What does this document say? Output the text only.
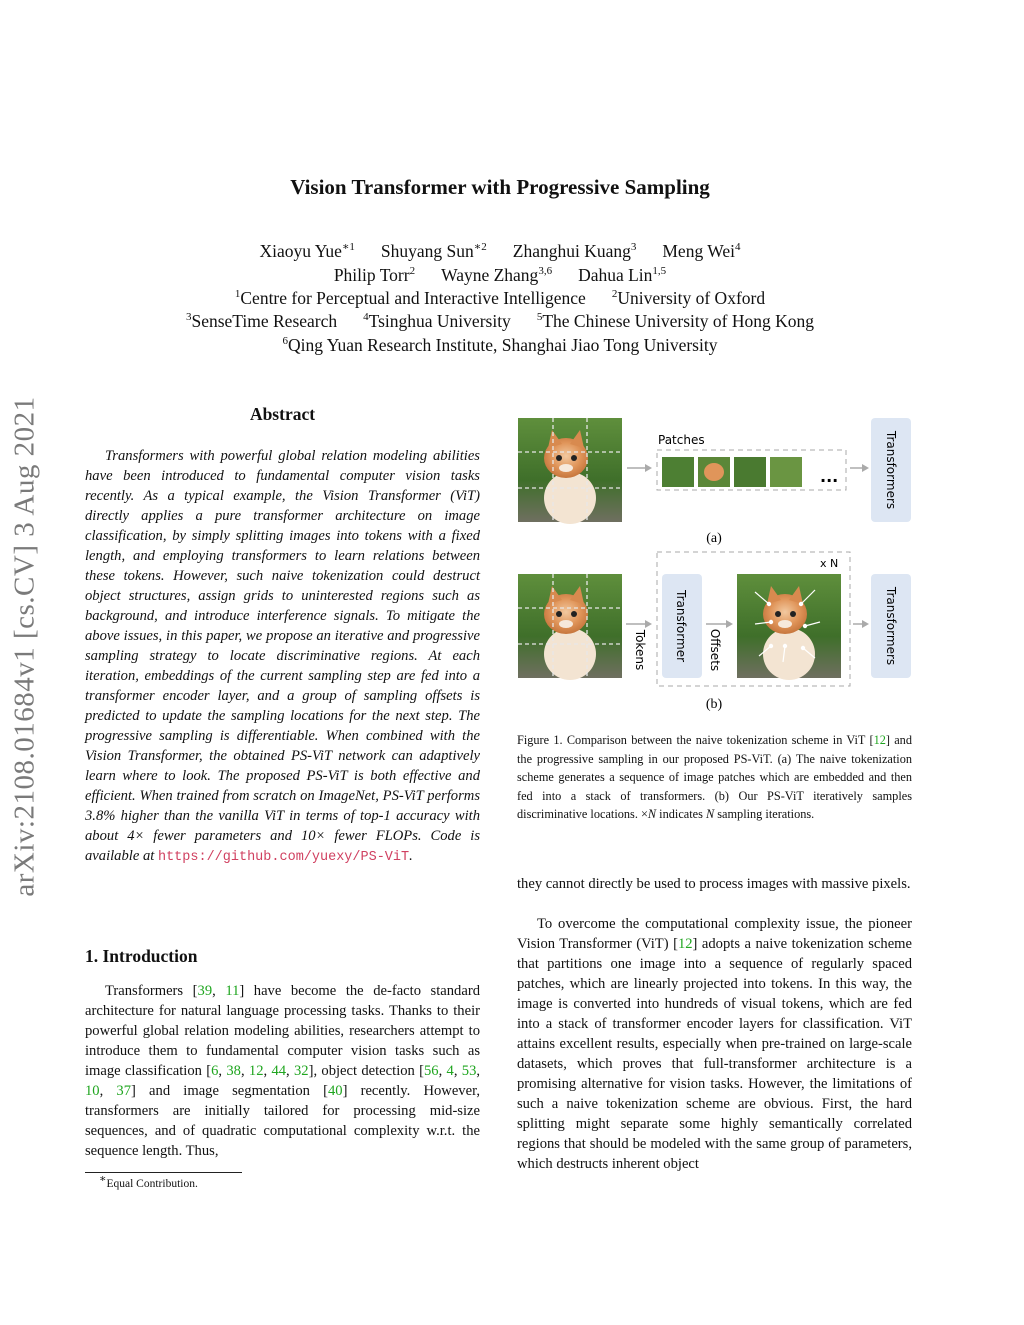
arXiv:2108.01684v1 [cs.CV] 3 Aug 2021
Vision Transformer with Progressive Sampling
Xiaoyu Yue$^{∗1}$ Shuyang Sun$^{∗2}$ Zhanghui Kuang$^3$ Meng Wei$^4$
Philip Torr$^2$ Wayne Zhang$^{3,6}$ Dahua Lin$^{1,5}$
$^1$Centre for Perceptual and Interactive Intelligence $^2$University of Oxford
$^3$SenseTime Research $^4$Tsinghua University $^5$The Chinese University of Hong Kong
$^6$Qing Yuan Research Institute, Shanghai Jiao Tong University
Abstract
Transformers with powerful global relation modeling abilities have been introduced to fundamental computer vision tasks recently. As a typical example, the Vision Transformer (ViT) directly applies a pure transformer architecture on image classification, by simply splitting images into tokens with a fixed length, and employing transformers to learn relations between these tokens. However, such naive tokenization could destruct object structures, assign grids to uninterested regions such as background, and introduce interference signals. To mitigate the above issues, in this paper, we propose an iterative and progressive sampling strategy to locate discriminative regions. At each iteration, embeddings of the current sampling step are fed into a transformer encoder layer, and a group of sampling offsets is predicted to update the sampling locations for the next step. The progressive sampling is differentiable. When combined with the Vision Transformer, the obtained PS-ViT network can adaptively learn where to look. The proposed PS-ViT is both effective and efficient. When trained from scratch on ImageNet, PS-ViT performs 3.8% higher than the vanilla ViT in terms of top-1 accuracy with about 4× fewer parameters and 10× fewer FLOPs. Code is available at https://github.com/yuexy/PS-ViT.
1. Introduction
Transformers [39, 11] have become the de-facto standard architecture for natural language processing tasks. Thanks to their powerful global relation modeling abilities, researchers attempt to introduce them to fundamental computer vision tasks such as image classification [6, 38, 12, 44, 32], object detection [56, 4, 53, 10, 37] and image segmentation [40] recently. However, transformers are initially tailored for processing mid-size sequences, and of quadratic computational complexity w.r.t. the sequence length. Thus,
∗Equal Contribution.
Patches
...	Transformers
(a)
x N
Tokens Transformer Offsets	Transformers
(b)
Figure 1. Comparison between the naive tokenization scheme in ViT [12] and the progressive sampling in our proposed PS-ViT. (a) The naive tokenization scheme generates a sequence of image patches which are embedded and then fed into a stack of transformers. (b) Our PS-ViT iteratively samples discriminative locations. ×N indicates N sampling iterations.
they cannot directly be used to process images with massive pixels.
To overcome the computational complexity issue, the pioneer Vision Transformer (ViT) [12] adopts a naive tokenization scheme that partitions one image into a sequence of regularly spaced patches, which are linearly projected into tokens. In this way, the image is converted into hundreds of visual tokens, which are fed into a stack of transformer encoder layers for classification. ViT attains excellent results, especially when pre-trained on large-scale datasets, which proves that full-transformer architecture is a promising alternative for vision tasks. However, the limitations of such a naive tokenization scheme are obvious. First, the hard splitting might separate some highly semantically correlated regions that should be modeled with the same group of parameters, which destructs inherent object
